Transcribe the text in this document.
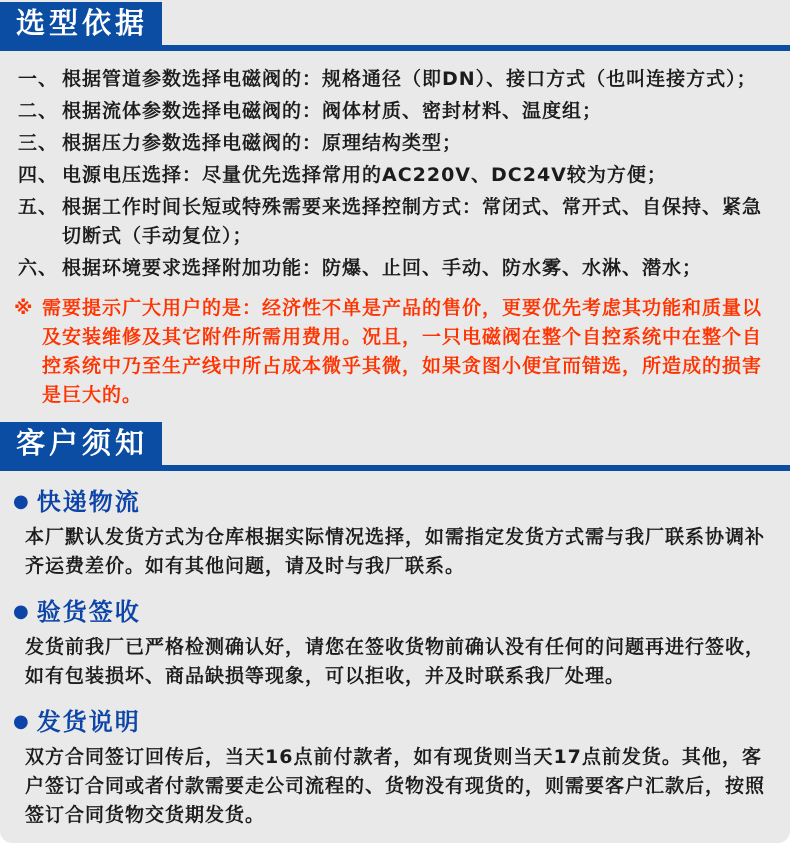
选型依据
一、 根据管道参数选择电磁阀的：规格通径（即DN）、接口方式（也叫连接方式）；
二、 根据流体参数选择电磁阀的：阀体材质、密封材料、温度组；
三、 根据压力参数选择电磁阀的：原理结构类型；
四、 电源电压选择：尽量优先选择常用的AC220V、DC24V较为方便；
五、 根据工作时间长短或特殊需要来选择控制方式：常闭式、常开式、自保持、紧急切断式（手动复位）；
六、 根据环境要求选择附加功能：防爆、止回、手动、防水雾、水淋、潜水；
※ 需要提示广大用户的是：经济性不单是产品的售价，更要优先考虑其功能和质量以及安装维修及其它附件所需用费用。况且，一只电磁阀在整个自控系统中在整个自控系统中乃至生产线中所占成本微乎其微，如果贪图小便宜而错选，所造成的损害是巨大的。
客户须知
● 快递物流
本厂默认发货方式为仓库根据实际情况选择，如需指定发货方式需与我厂联系协调补齐运费差价。如有其他问题，请及时与我厂联系。
● 验货签收
发货前我厂已严格检测确认好，请您在签收货物前确认没有任何的问题再进行签收，如有包装损坏、商品缺损等现象，可以拒收，并及时联系我厂处理。
● 发货说明
双方合同签订回传后，当天16点前付款者，如有现货则当天17点前发货。其他，客户签订合同或者付款需要走公司流程的、货物没有现货的，则需要客户汇款后，按照签订合同货物交货期发货。
